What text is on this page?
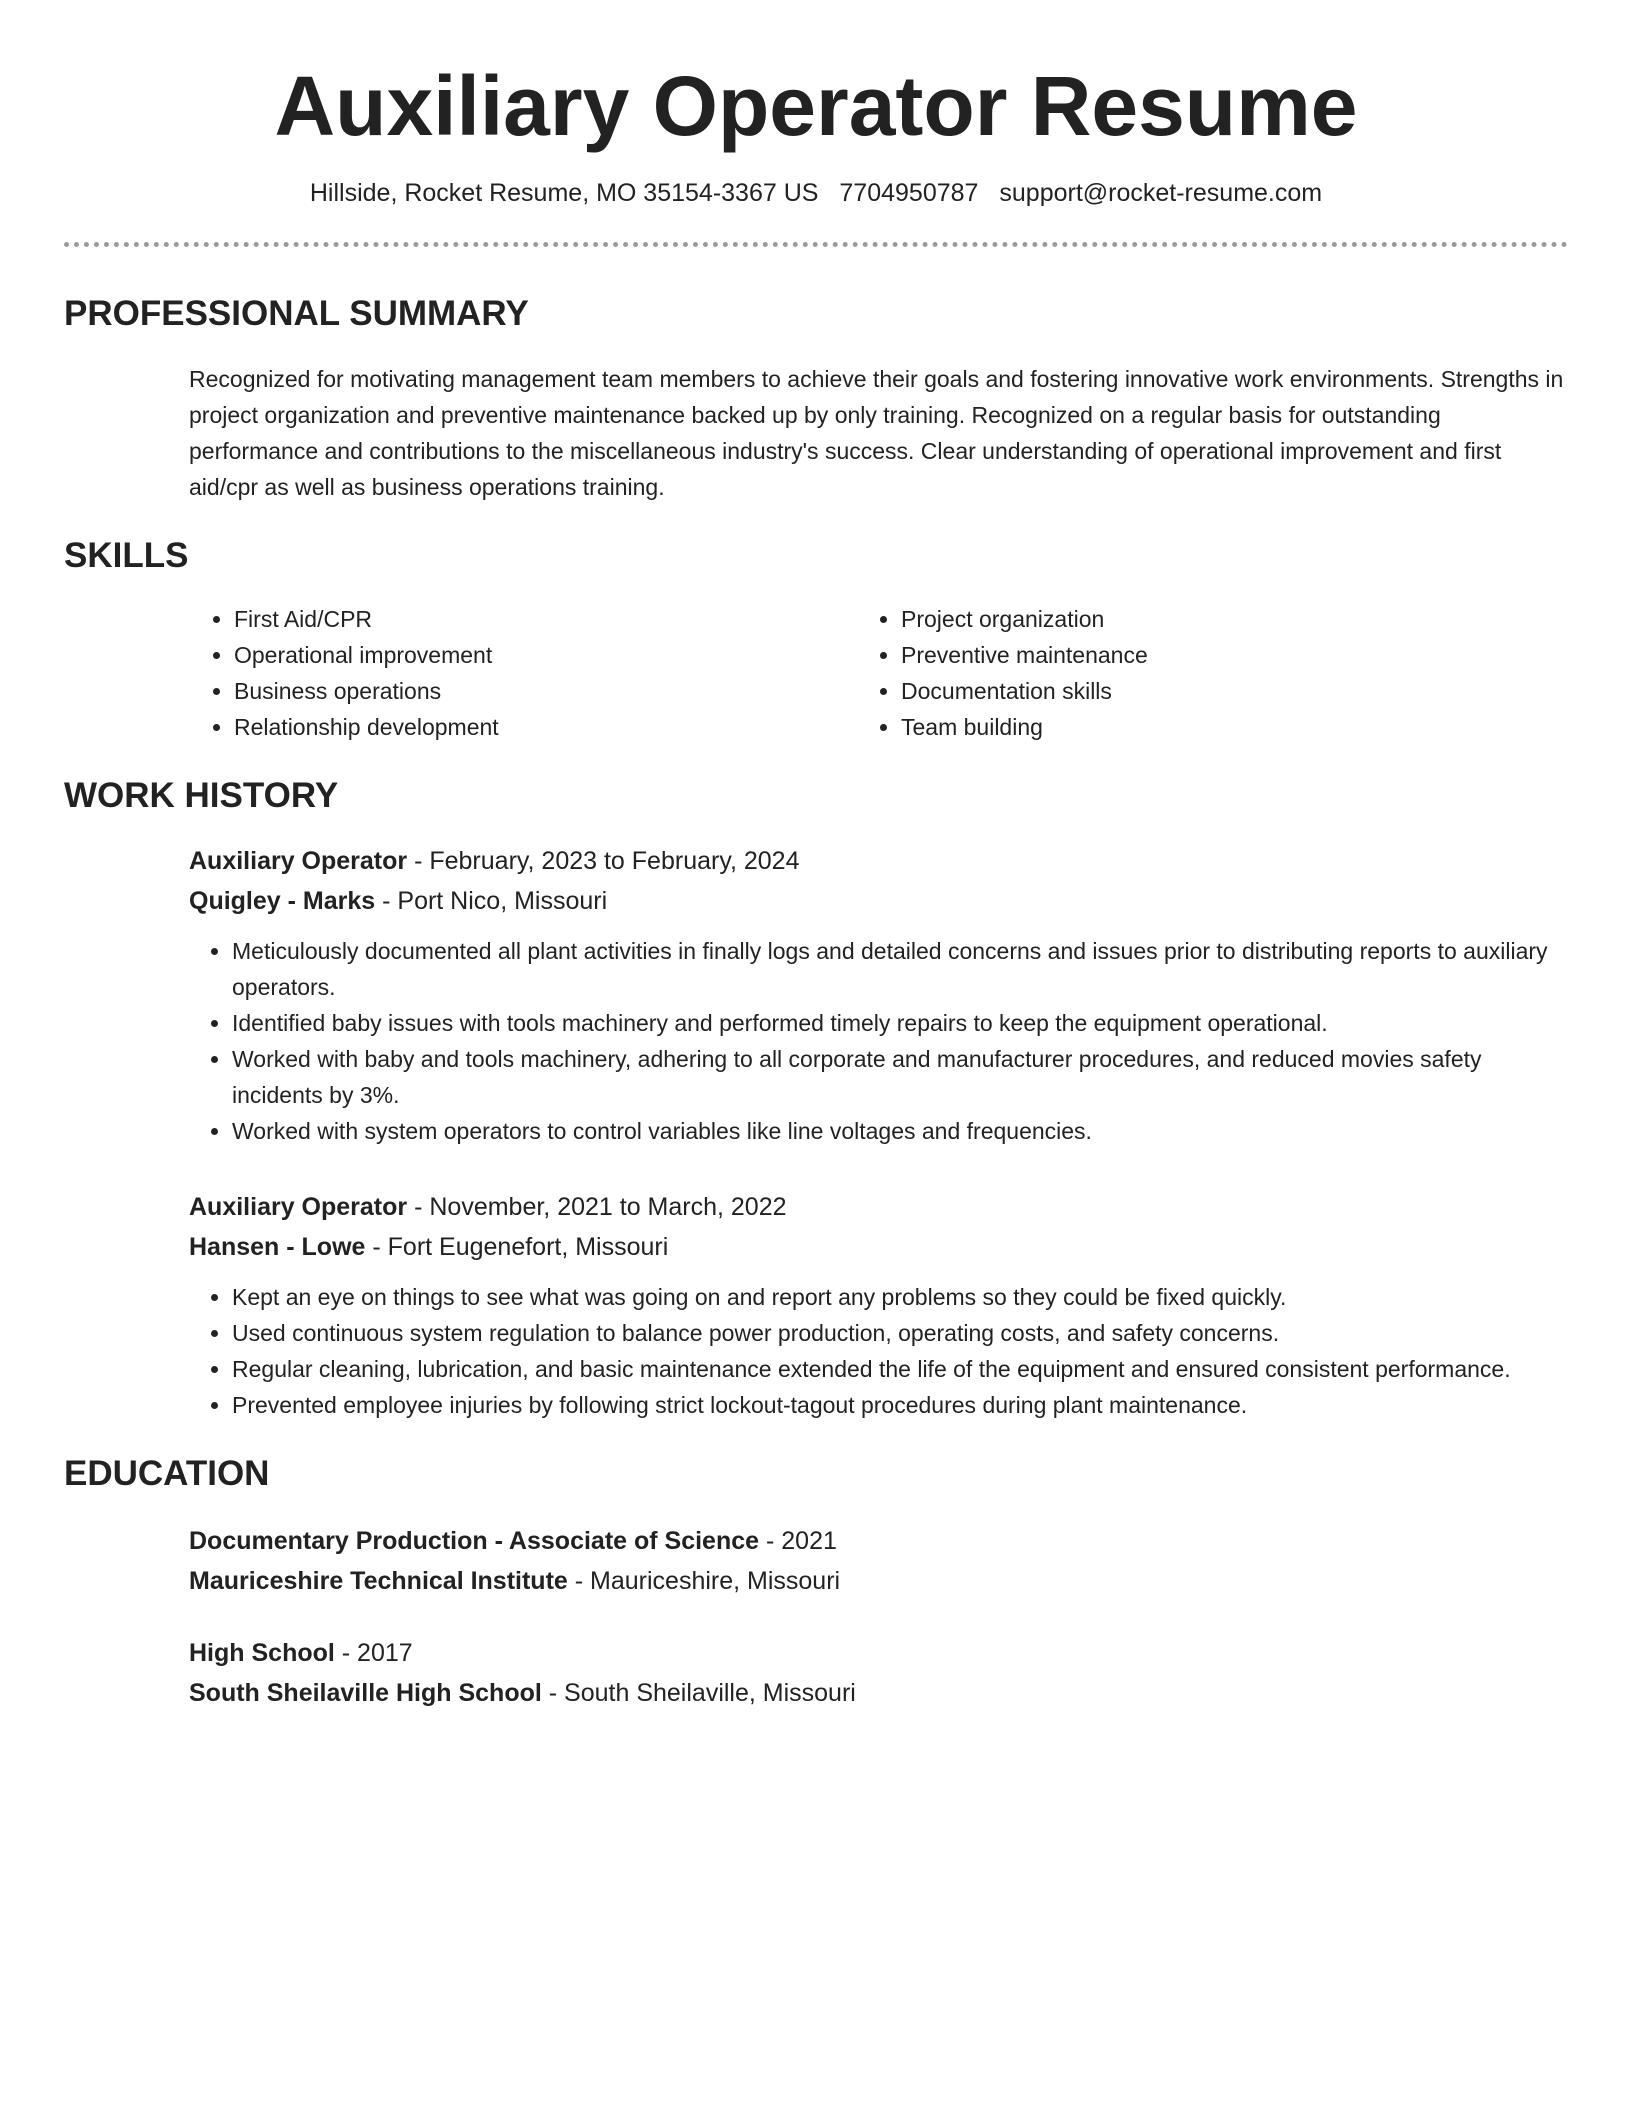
Auxiliary Operator Resume
Hillside, Rocket Resume, MO 35154-3367 US 7704950787 support@rocket-resume.com
PROFESSIONAL SUMMARY

Recognized for motivating management team members to achieve their goals and fostering innovative work environments. Strengths in project organization and preventive maintenance backed up by only training. Recognized on a regular basis for outstanding performance and contributions to the miscellaneous industry's success. Clear understanding of operational improvement and first aid/cpr as well as business operations training.

SKILLS
• First Aid/CPR
• Operational improvement
• Business operations
• Relationship development
• Project organization
• Preventive maintenance
• Documentation skills
• Team building
WORK HISTORY
Auxiliary Operator - February, 2023 to February, 2024
Quigley - Marks - Port Nico, Missouri
• Meticulously documented all plant activities in finally logs and detailed concerns and issues prior to distributing reports to auxiliary operators.
• Identified baby issues with tools machinery and performed timely repairs to keep the equipment operational.
• Worked with baby and tools machinery, adhering to all corporate and manufacturer procedures, and reduced movies safety incidents by 3%.
• Worked with system operators to control variables like line voltages and frequencies.
Auxiliary Operator - November, 2021 to March, 2022
Hansen - Lowe - Fort Eugenefort, Missouri
• Kept an eye on things to see what was going on and report any problems so they could be fixed quickly.
• Used continuous system regulation to balance power production, operating costs, and safety concerns.
• Regular cleaning, lubrication, and basic maintenance extended the life of the equipment and ensured consistent performance.
• Prevented employee injuries by following strict lockout-tagout procedures during plant maintenance.
EDUCATION
Documentary Production - Associate of Science - 2021
Mauriceshire Technical Institute - Mauriceshire, Missouri
High School - 2017
South Sheilaville High School - South Sheilaville, Missouri
